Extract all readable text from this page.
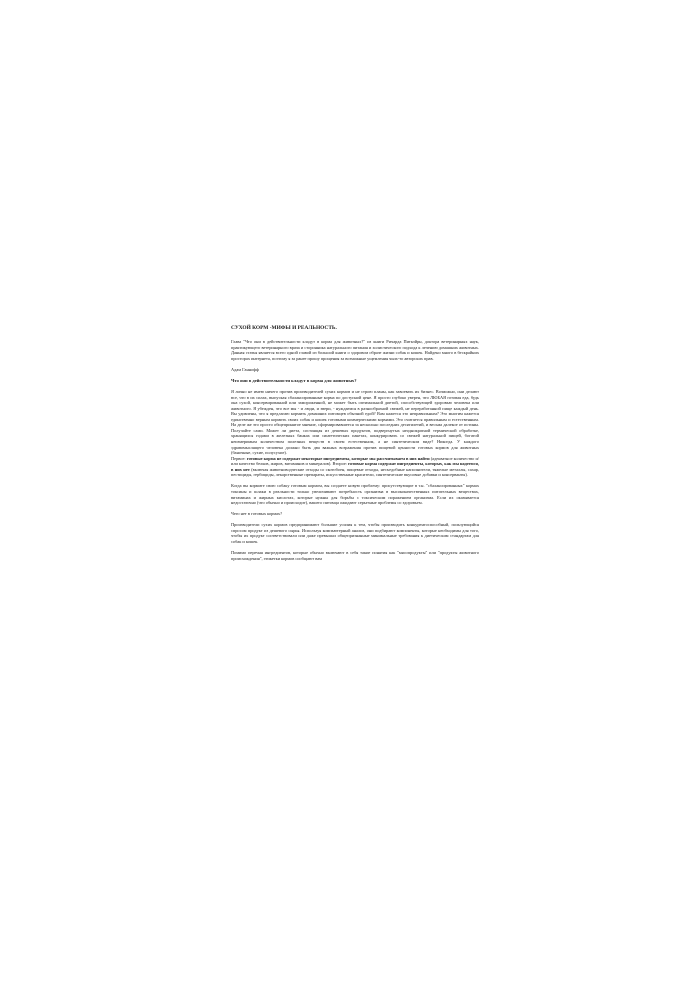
СУХОЙ КОРМ -МИФЫ И РЕАЛЬНОСТЬ.

Глава "Что они в действительности кладут в корма для животных?" из книги Ричарда Питкэйрн, доктора ветеринарных наук, практикующего ветеринарного врача и сторонника натурального питания и холистического подхода к лечению домашних животных. Данная статья является всего одной главой из большой книги о здоровом образе жизни собак и кошек. Найдено много в бескрайних просторах интернета, поэтому я за ранее прошу прощения за возможные ущемления чьих-то авторских прав.

Адам Ганнофф

Что они в действительности кладут в корма для животных?

Я лично не имею ничего против производителей сухих кормов и не строю планы, как завоевать их бизнес. Возможно, они делают все, что в их силах, выпуская сбалансированные корма по доступной цене. Я просто глубоко уверен, что ЛЮБАЯ готовая еда, будь она сухой, консервированной или замороженной, не может быть оптимальной диетой, способствующей здоровью человека или животного. Я убежден, что все мы - и люди, и звери, - нуждаемся в разнообразной свежей, не переработанной пище каждый день. Вы удивлены, что я предлагаю кормить домашних питомцев обычной едой? Вам кажется это неправильным? Это многим кажется единственно верным кормить своих собак и кошек готовыми коммерческими кормами. Это считается правильным и естественным. На деле же это просто общепринятое мнение, сформировавшееся за несколько последних десятилетий, и весьма далекое от истины. Получайте сами. Может ли диета, состоящая из дешевых продуктов, подвергнутых неоднократной термической обработке, хранящихся годами в железных банках или синтетических пакетах, конкурировать со свежей натуральной пищей, богатой неизмеримым количеством полезных веществ в своем естественном, а не синтетическом виде? Никогда. У каждого здравомыслящего человека должно быть два важных возражения против пищевой ценности готовых кормов для животных (баночные, сухие, полусухие).
Первое: готовые корма не содержат некоторые ингредиенты, которые мы рассчитываем в них найти (адекватное количество и/или качество белков, жиров, витаминов и минералов). Второе: готовые корма содержат ингредиенты, которых, как мы надеемся, в них нет (включая животноводческие отходы со скотобоен, пищевые отходы, несъедобные наполнители, тяжелые металлы, сахар, пестициды, гербициды, лекарственные препараты, искусственные красители, синтетические вкусовые добавки и консерванты).

Когда вы кормите свою собаку готовым кормом, вы создаете новую проблему: присутствующие в т.н. "сбалансированных" кормах токсины и шлаки в реальности только увеличивают потребность организма в высококачественных питательных веществах, витаминах и жирных кислотах, которые нужны для борьбы с токсическим поражением организма. Если их оказывается недостаточно (что обычно и происходит), вашего питомца ожидают серьезные проблемы со здоровьем.

Чего нет в готовых кормах?

Производители сухих кормов предпринимают большие усилия к тем, чтобы производить конкурентоспособный, пользующийся спросом продукт из дешевого сырья. Используя компьютерный анализ, они подбирают компоненты, которые необходимы для того, чтобы их продукт соответствовали или даже превышал общепризнанные минимальные требования к диетическим стандартам для собак и кошек.

Помимо перечня ингредиентов, которые обычно включают в себя такие понятия как "мясопродукты" или "продукты животного происхождения", этикетки кормов сообщают вам
